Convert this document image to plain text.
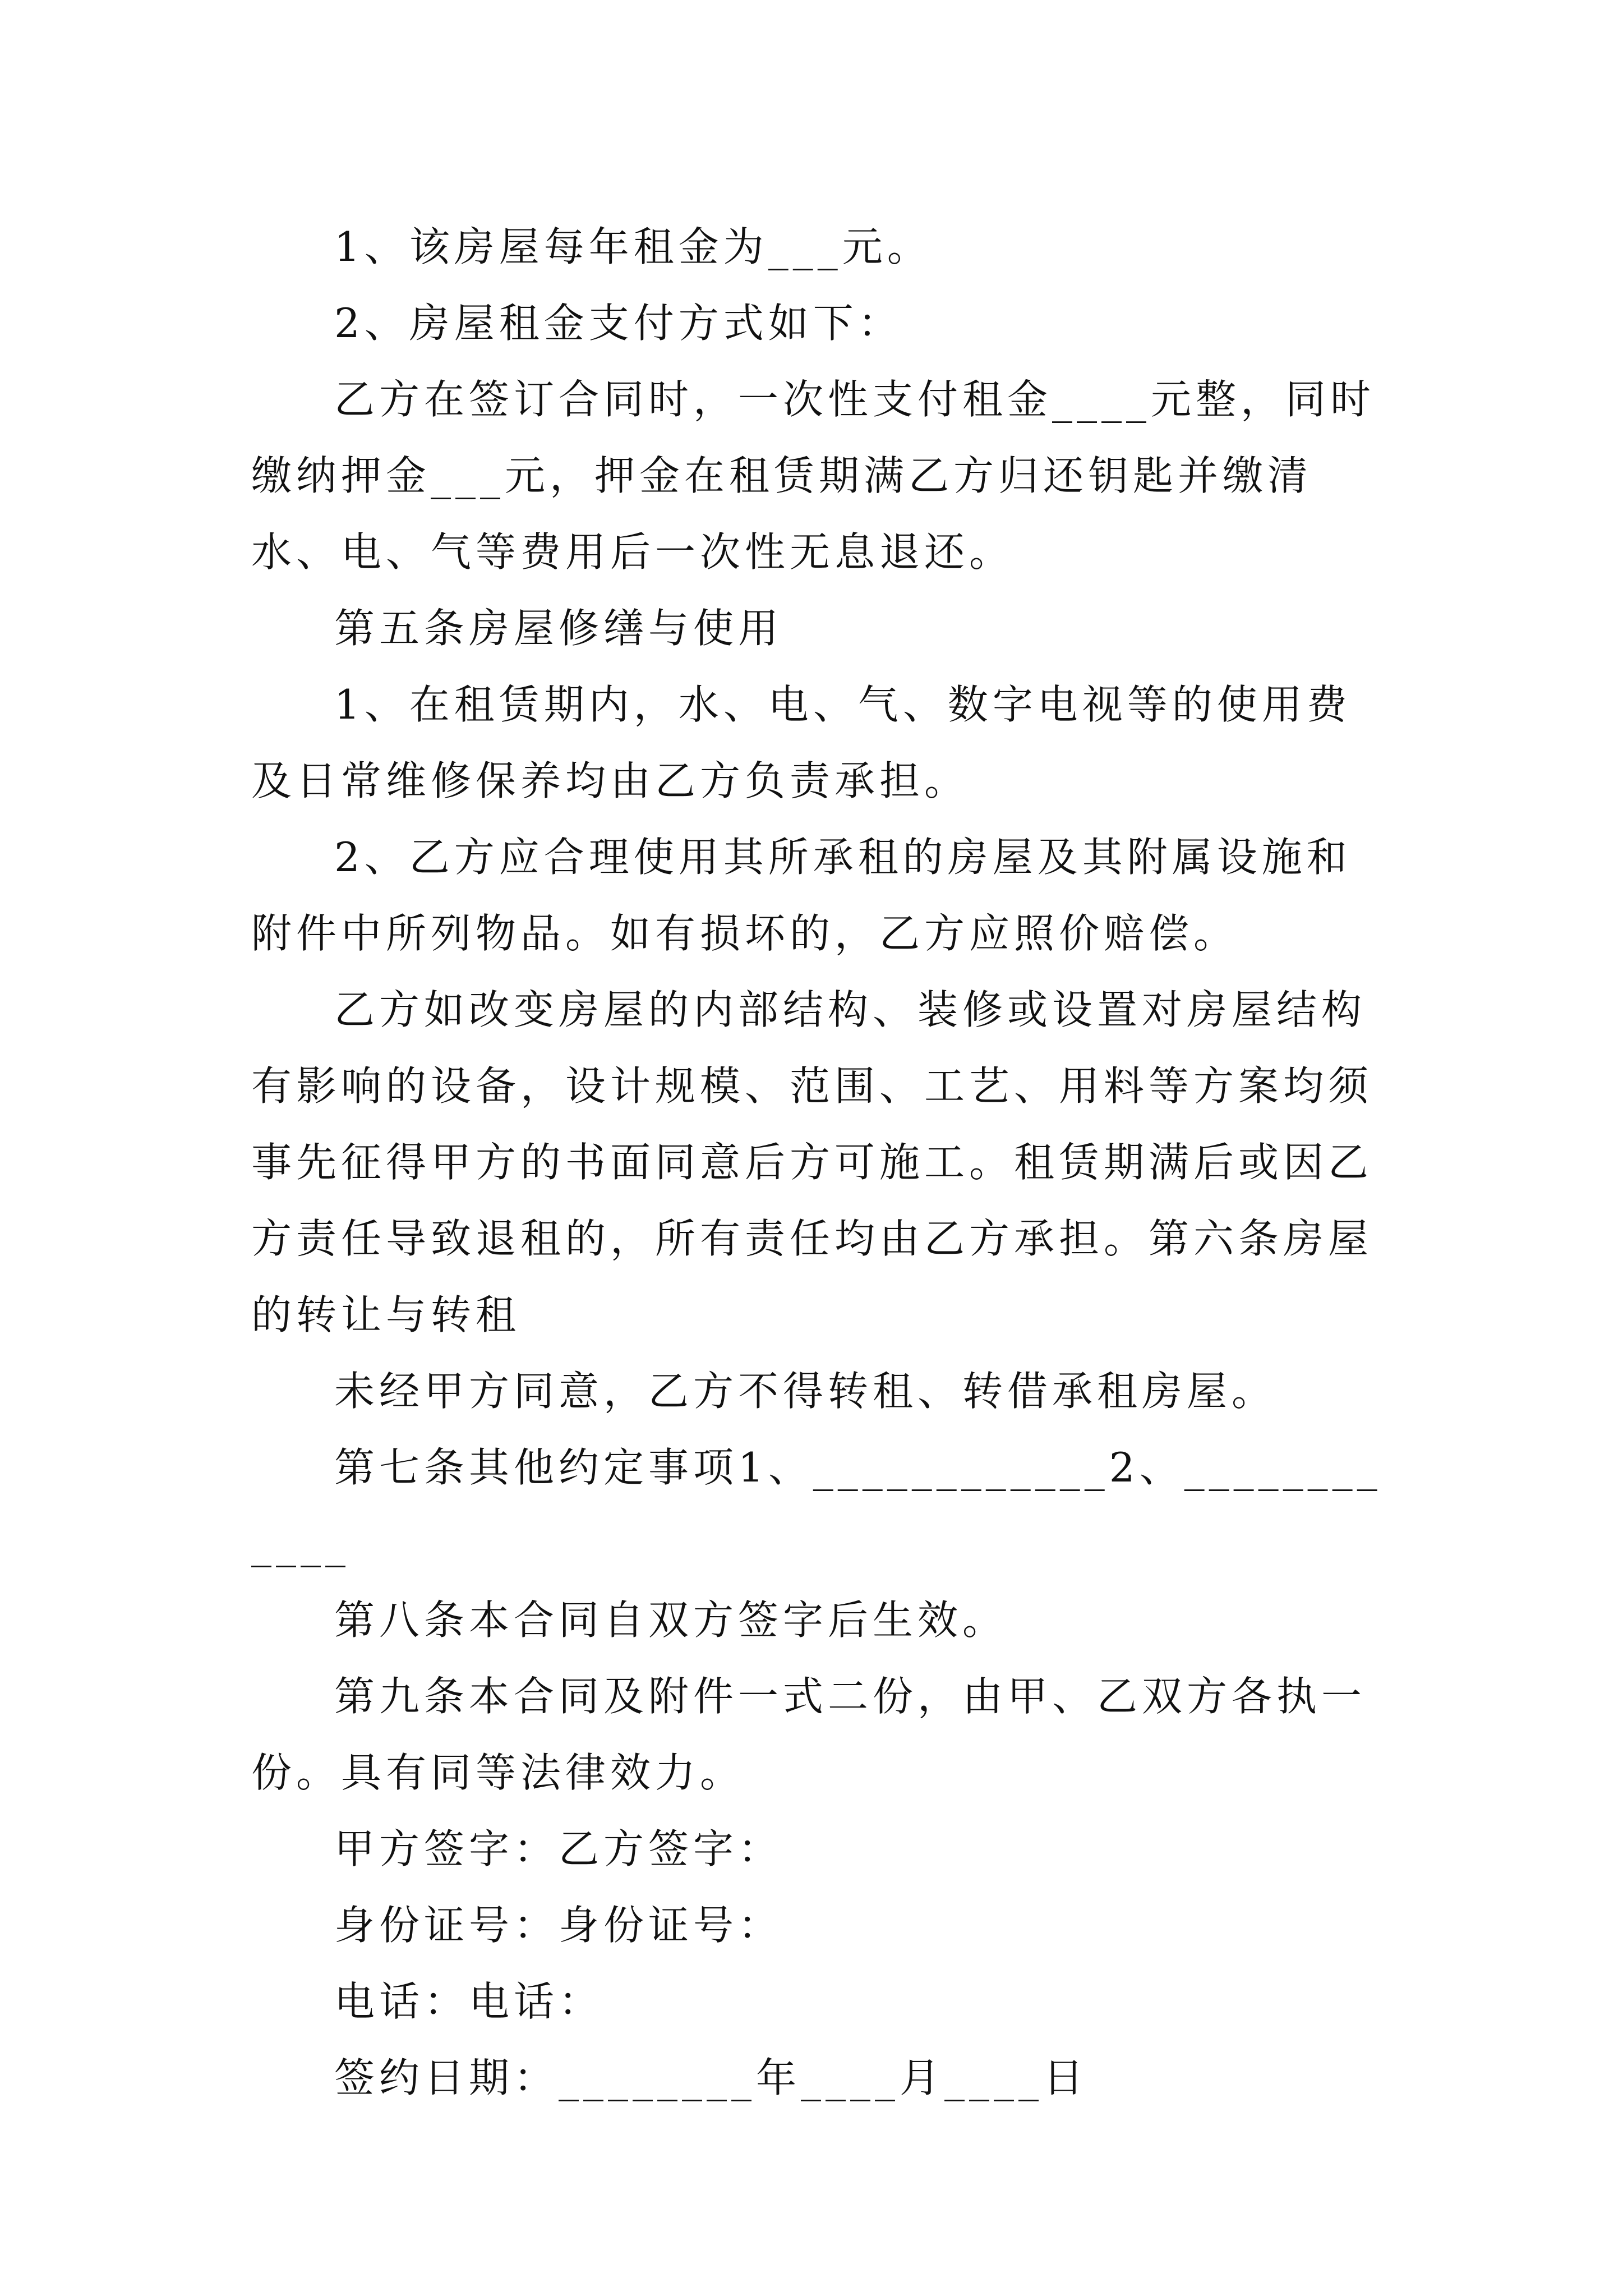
1、该房屋每年租金为___元。

2、房屋租金支付方式如下：

乙方在签订合同时，一次性支付租金____元整，同时缴纳押金___元，押金在租赁期满乙方归还钥匙并缴清水、电、气等费用后一次性无息退还。

第五条房屋修缮与使用

1、在租赁期内，水、电、气、数字电视等的使用费及日常维修保养均由乙方负责承担。

2、乙方应合理使用其所承租的房屋及其附属设施和附件中所列物品。如有损坏的，乙方应照价赔偿。

乙方如改变房屋的内部结构、装修或设置对房屋结构有影响的设备，设计规模、范围、工艺、用料等方案均须事先征得甲方的书面同意后方可施工。租赁期满后或因乙方责任导致退租的，所有责任均由乙方承担。第六条房屋的转让与转租

未经甲方同意，乙方不得转租、转借承租房屋。

第七条其他约定事项1、____________2、____________

第八条本合同自双方签字后生效。

第九条本合同及附件一式二份，由甲、乙双方各执一份。具有同等法律效力。

甲方签字：乙方签字：

身份证号：身份证号：

电话：电话：

签约日期：________年____月____日
